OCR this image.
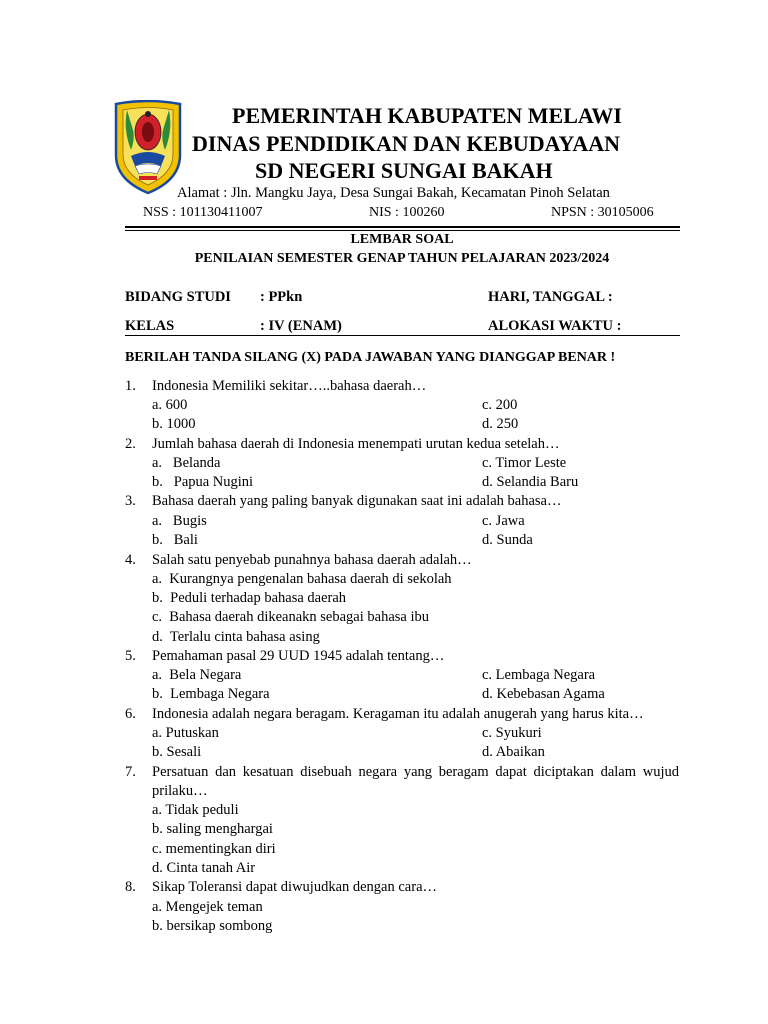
PEMERINTAH KABUPATEN MELAWI
DINAS PENDIDIKAN DAN KEBUDAYAAN
SD NEGERI SUNGAI BAKAH
Alamat : Jln. Mangku Jaya, Desa Sungai Bakah, Kecamatan Pinoh Selatan
NSS : 101130411007	NIS : 100260	NPSN : 30105006
LEMBAR SOAL
PENILAIAN SEMESTER GENAP TAHUN PELAJARAN 2023/2024
BIDANG STUDI : PPkn	HARI, TANGGAL :
KELAS	: IV (ENAM)	ALOKASI WAKTU :
BERILAH TANDA SILANG (X) PADA JAWABAN YANG DIANGGAP BENAR !
1. Indonesia Memiliki sekitar…..bahasa daerah…
a. 600	c. 200
b. 1000	d. 250
2. Jumlah bahasa daerah di Indonesia menempati urutan kedua setelah…
a.   Belanda	c. Timor Leste
b.   Papua Nugini	d. Selandia Baru
3. Bahasa daerah yang paling banyak digunakan saat ini adalah bahasa…
a.   Bugis	c. Jawa
b.   Bali	d. Sunda
4. Salah satu penyebab punahnya bahasa daerah adalah…
a.  Kurangnya pengenalan bahasa daerah di sekolah
b.  Peduli terhadap bahasa daerah
c.  Bahasa daerah dikeanakn sebagai bahasa ibu
d.  Terlalu cinta bahasa asing
5. Pemahaman pasal 29 UUD 1945 adalah tentang…
a.  Bela Negara	c. Lembaga Negara
b.  Lembaga Negara	d. Kebebasan Agama
6. Indonesia adalah negara beragam. Keragaman itu adalah anugerah yang harus kita…
a. Putuskan	c. Syukuri
b. Sesali	d. Abaikan
7. Persatuan dan kesatuan disebuah negara yang beragam dapat diciptakan dalam wujud
prilaku…
a. Tidak peduli
b. saling menghargai
c. mementingkan diri
d. Cinta tanah Air
8. Sikap Toleransi dapat diwujudkan dengan cara…
a. Mengejek teman
b. bersikap sombong
